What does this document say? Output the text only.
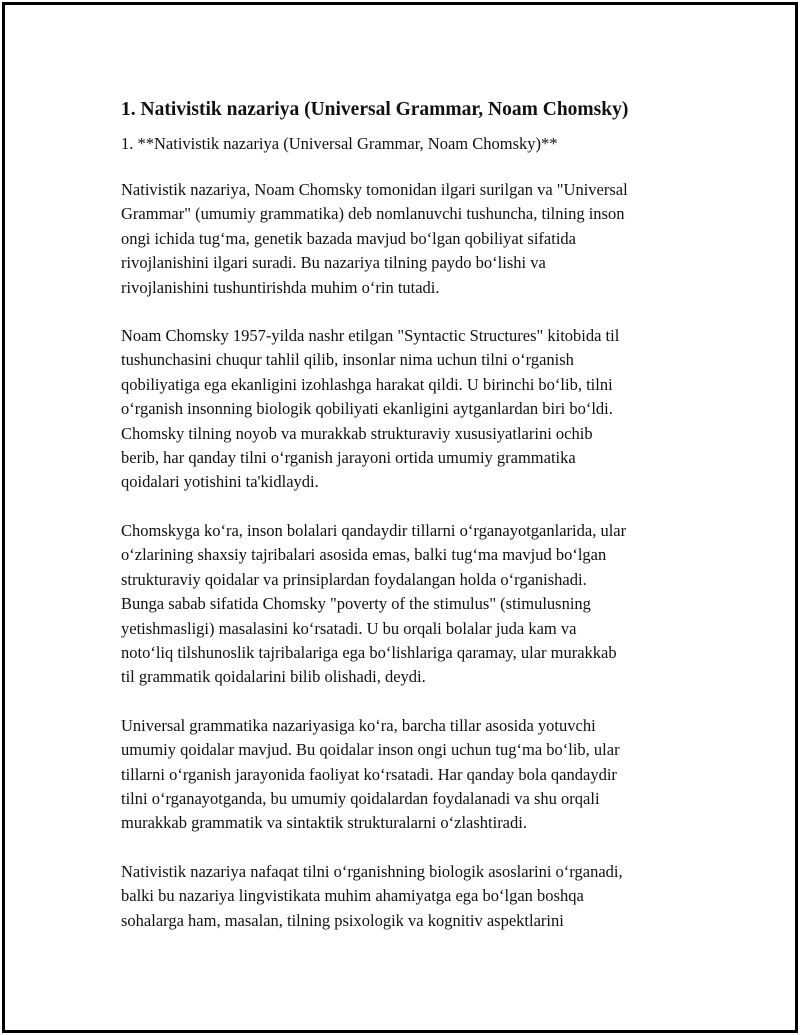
1. Nativistik nazariya (Universal Grammar, Noam Chomsky)

1. **Nativistik nazariya (Universal Grammar, Noam Chomsky)**

Nativistik nazariya, Noam Chomsky tomonidan ilgari surilgan va "Universal
Grammar" (umumiy grammatika) deb nomlanuvchi tushuncha, tilning inson
ongi ichida tug‘ma, genetik bazada mavjud bo‘lgan qobiliyat sifatida
rivojlanishini ilgari suradi. Bu nazariya tilning paydo bo‘lishi va
rivojlanishini tushuntirishda muhim o‘rin tutadi.

Noam Chomsky 1957-yilda nashr etilgan "Syntactic Structures" kitobida til
tushunchasini chuqur tahlil qilib, insonlar nima uchun tilni o‘rganish
qobiliyatiga ega ekanligini izohlashga harakat qildi. U birinchi bo‘lib, tilni
o‘rganish insonning biologik qobiliyati ekanligini aytganlardan biri bo‘ldi.
Chomsky tilning noyob va murakkab strukturaviy xususiyatlarini ochib
berib, har qanday tilni o‘rganish jarayoni ortida umumiy grammatika
qoidalari yotishini ta'kidlaydi.

Chomskyga ko‘ra, inson bolalari qandaydir tillarni o‘rganayotganlarida, ular
o‘zlarining shaxsiy tajribalari asosida emas, balki tug‘ma mavjud bo‘lgan
strukturaviy qoidalar va prinsiplardan foydalangan holda o‘rganishadi.
Bunga sabab sifatida Chomsky "poverty of the stimulus" (stimulusning
yetishmasligi) masalasini ko‘rsatadi. U bu orqali bolalar juda kam va
noto‘liq tilshunoslik tajribalariga ega bo‘lishlariga qaramay, ular murakkab
til grammatik qoidalarini bilib olishadi, deydi.

Universal grammatika nazariyasiga ko‘ra, barcha tillar asosida yotuvchi
umumiy qoidalar mavjud. Bu qoidalar inson ongi uchun tug‘ma bo‘lib, ular
tillarni o‘rganish jarayonida faoliyat ko‘rsatadi. Har qanday bola qandaydir
tilni o‘rganayotganda, bu umumiy qoidalardan foydalanadi va shu orqali
murakkab grammatik va sintaktik strukturalarni o‘zlashtiradi.

Nativistik nazariya nafaqat tilni o‘rganishning biologik asoslarini o‘rganadi,
balki bu nazariya lingvistikata muhim ahamiyatga ega bo‘lgan boshqa
sohalarga ham, masalan, tilning psixologik va kognitiv aspektlarini
